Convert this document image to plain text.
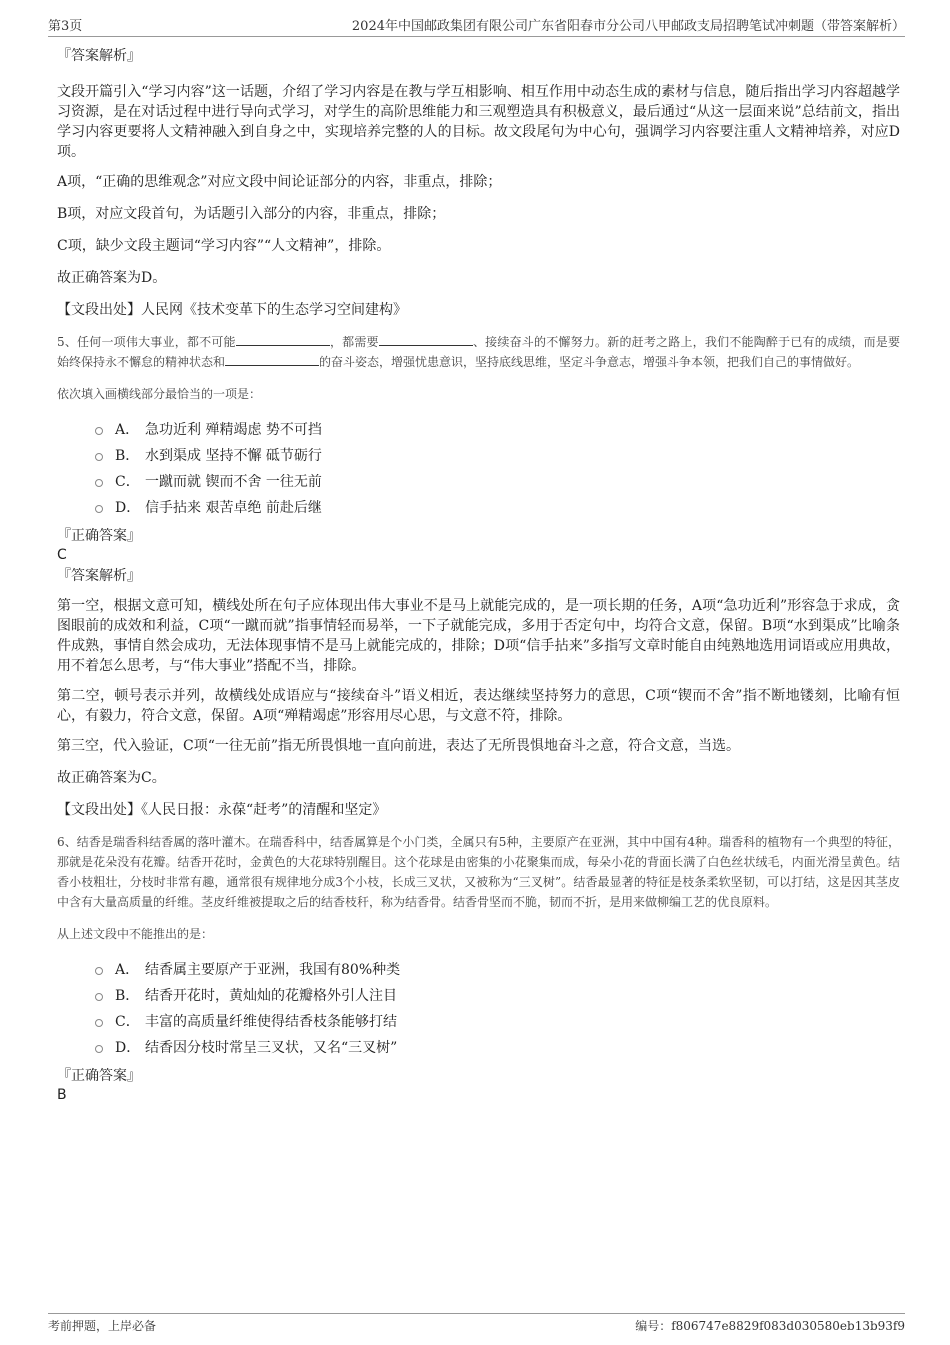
第3页	2024年中国邮政集团有限公司广东省阳春市分公司八甲邮政支局招聘笔试冲刺题（带答案解析）
『答案解析』
文段开篇引入“学习内容”这一话题，介绍了学习内容是在教与学互相影响、相互作用中动态生成的素材与信息，随后指出学习内容超越学习资源，是在对话过程中进行导向式学习，对学生的高阶思维能力和三观塑造具有积极意义，最后通过“从这一层面来说”总结前文，指出学习内容更要将人文精神融入到自身之中，实现培养完整的人的目标。故文段尾句为中心句，强调学习内容要注重人文精神培养，对应D项。
A项，“正确的思维观念”对应文段中间论证部分的内容，非重点，排除；
B项，对应文段首句，为话题引入部分的内容，非重点，排除；
C项，缺少文段主题词“学习内容”“人文精神”，排除。
故正确答案为D。
【文段出处】人民网《技术变革下的生态学习空间建构》
5、任何一项伟大事业，都不可能	，都需要	、接续奋斗的不懈努力。新的赶考之路上，我们不能陶醉于已有的成绩，而是要始终保持永不懈怠的精神状态和	的奋斗姿态，增强忧患意识，坚持底线思维，坚定斗争意志，增强斗争本领，把我们自己的事情做好。
依次填入画横线部分最恰当的一项是：
A． 急功近利 殚精竭虑 势不可挡
B． 水到渠成 坚持不懈 砥节砺行
C． 一蹴而就 锲而不舍 一往无前
D． 信手拈来 艰苦卓绝 前赴后继
『正确答案』
C
『答案解析』
第一空，根据文意可知，横线处所在句子应体现出伟大事业不是马上就能完成的，是一项长期的任务，A项“急功近利”形容急于求成，贪图眼前的成效和利益，C项“一蹴而就”指事情轻而易举，一下子就能完成，多用于否定句中，均符合文意，保留。B项“水到渠成”比喻条件成熟，事情自然会成功，无法体现事情不是马上就能完成的，排除；D项“信手拈来”多指写文章时能自由纯熟地选用词语或应用典故，用不着怎么思考，与“伟大事业”搭配不当，排除。
第二空，顿号表示并列，故横线处成语应与“接续奋斗”语义相近，表达继续坚持努力的意思，C项“锲而不舍”指不断地镂刻，比喻有恒心，有毅力，符合文意，保留。A项“殚精竭虑”形容用尽心思，与文意不符，排除。
第三空，代入验证，C项“一往无前”指无所畏惧地一直向前进，表达了无所畏惧地奋斗之意，符合文意，当选。
故正确答案为C。
【文段出处】《人民日报：永葆“赶考”的清醒和坚定》
6、结香是瑞香科结香属的落叶灌木。在瑞香科中，结香属算是个小门类，全属只有5种，主要原产在亚洲，其中中国有4种。瑞香科的植物有一个典型的特征，那就是花朵没有花瓣。结香开花时，金黄色的大花球特别醒目。这个花球是由密集的小花聚集而成，每朵小花的背面长满了白色丝状绒毛，内面光滑呈黄色。结香小枝粗壮，分枝时非常有趣，通常很有规律地分成3个小枝，长成三叉状，又被称为“三叉树”。结香最显著的特征是枝条柔软坚韧，可以打结，这是因其茎皮中含有大量高质量的纤维。茎皮纤维被提取之后的结香枝秆，称为结香骨。结香骨坚而不脆，韧而不折，是用来做柳编工艺的优良原料。
从上述文段中不能推出的是：
A． 结香属主要原产于亚洲，我国有80%种类
B． 结香开花时，黄灿灿的花瓣格外引人注目
C． 丰富的高质量纤维使得结香枝条能够打结
D． 结香因分枝时常呈三叉状，又名“三叉树”
『正确答案』
B
考前押题，上岸必备	编号：f806747e8829f083d030580eb13b93f9
